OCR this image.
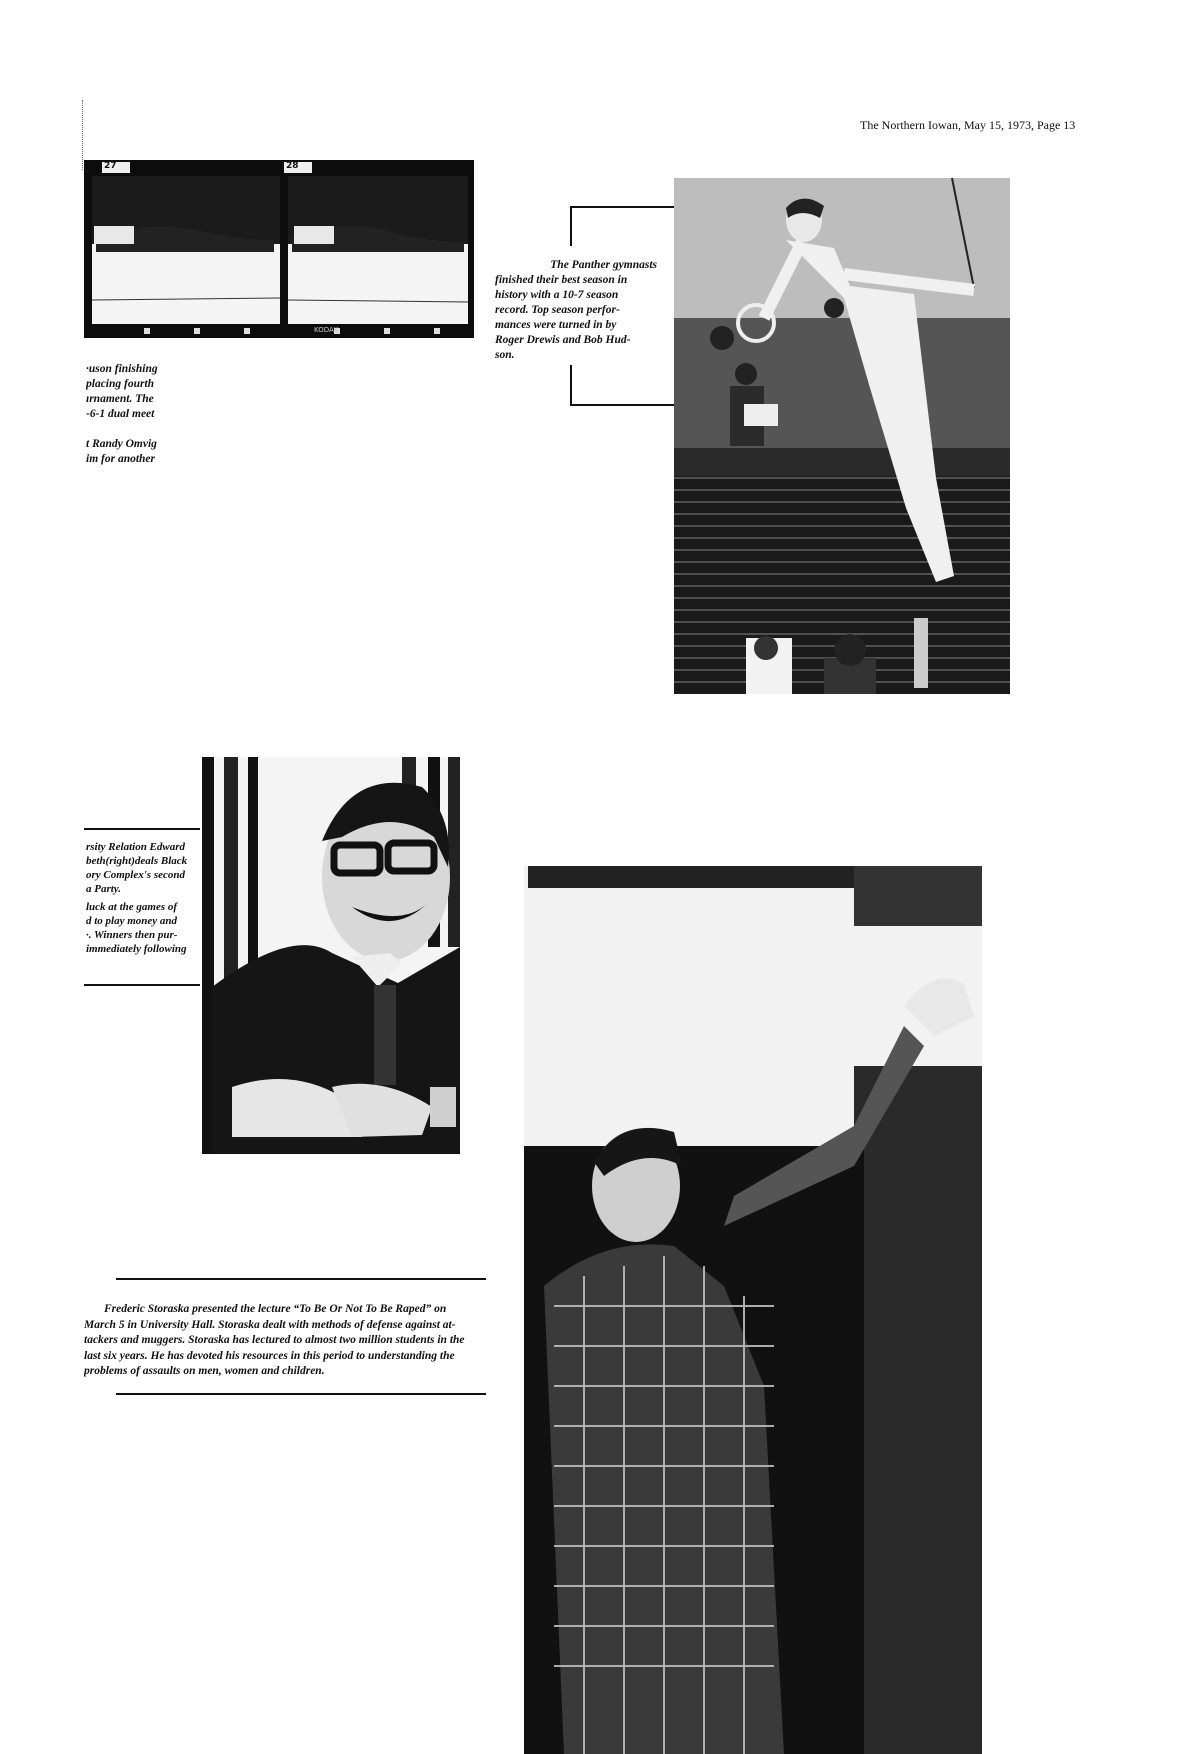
The Northern Iowan, May 15, 1973, Page 13
27	28
KODAK
·uson finishing
placing fourth
ırnament. The
-6-1 dual meet
t Randy Omvig
im for another
The Panther gymnasts
finished their best season in
history with a 10-7 season
record. Top season perfor-
mances were turned in by
Roger Drewis and Bob Hud-
son.
rsity Relation Edward
beth(right)deals Black
ory Complex's second
a Party.
luck at the games of
d to play money and
·. Winners then pur-
immediately following
Frederic Storaska presented the lecture “To Be Or Not To Be Raped” on
March 5 in University Hall. Storaska dealt with methods of defense against at-
tackers and muggers. Storaska has lectured to almost two million students in the
last six years. He has devoted his resources in this period to understanding the
problems of assaults on men, women and children.
